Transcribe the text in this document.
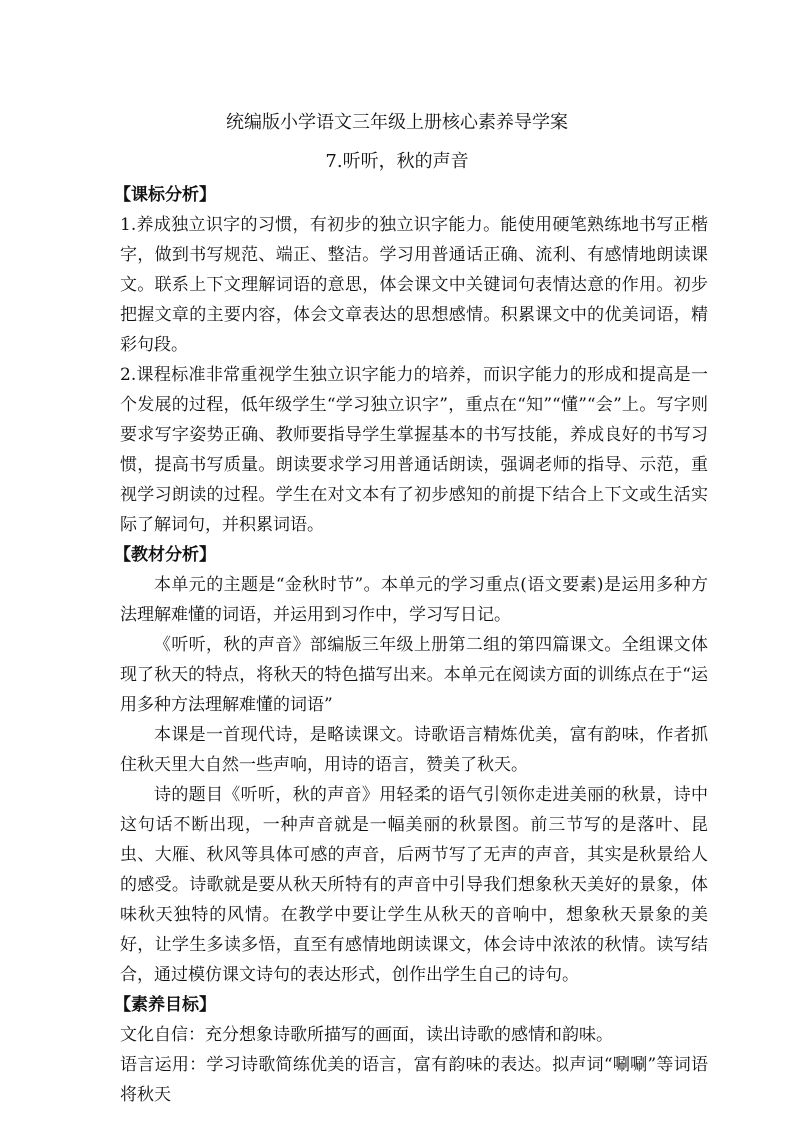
统编版小学语文三年级上册核心素养导学案
7.听听，秋的声音
【课标分析】

1.养成独立识字的习惯，有初步的独立识字能力。能使用硬笔熟练地书写正楷字，做到书写规范、端正、整洁。学习用普通话正确、流利、有感情地朗读课文。联系上下文理解词语的意思，体会课文中关键词句表情达意的作用。初步把握文章的主要内容，体会文章表达的思想感情。积累课文中的优美词语，精彩句段。

2.课程标准非常重视学生独立识字能力的培养，而识字能力的形成和提高是一个发展的过程，低年级学生“学习独立识字”，重点在“知”“懂”“会”上。写字则要求写字姿势正确、教师要指导学生掌握基本的书写技能，养成良好的书写习惯，提高书写质量。朗读要求学习用普通话朗读，强调老师的指导、示范，重视学习朗读的过程。学生在对文本有了初步感知的前提下结合上下文或生活实际了解词句，并积累词语。

【教材分析】

本单元的主题是“金秋时节”。本单元的学习重点(语文要素)是运用多种方法理解难懂的词语，并运用到习作中，学习写日记。

《听听，秋的声音》部编版三年级上册第二组的第四篇课文。全组课文体现了秋天的特点，将秋天的特色描写出来。本单元在阅读方面的训练点在于“运用多种方法理解难懂的词语”

本课是一首现代诗，是略读课文。诗歌语言精炼优美，富有韵味，作者抓住秋天里大自然一些声响，用诗的语言，赞美了秋天。

诗的题目《听听，秋的声音》用轻柔的语气引领你走进美丽的秋景，诗中这句话不断出现，一种声音就是一幅美丽的秋景图。前三节写的是落叶、昆虫、大雁、秋风等具体可感的声音，后两节写了无声的声音，其实是秋景给人的感受。诗歌就是要从秋天所特有的声音中引导我们想象秋天美好的景象，体味秋天独特的风情。在教学中要让学生从秋天的音响中，想象秋天景象的美好，让学生多读多悟，直至有感情地朗读课文，体会诗中浓浓的秋情。读写结合，通过模仿课文诗句的表达形式，创作出学生自己的诗句。

【素养目标】

文化自信：充分想象诗歌所描写的画面，读出诗歌的感情和韵味。

语言运用：学习诗歌简练优美的语言，富有韵味的表达。拟声词“唰唰”等词语将秋天
